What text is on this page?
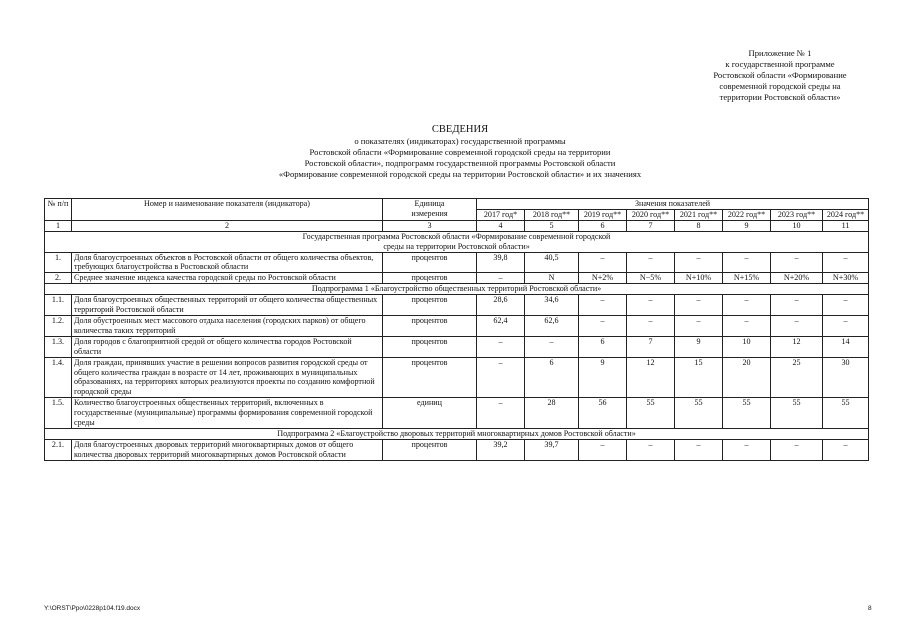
Приложение № 1
к государственной программе
Ростовской области «Формирование
современной городской среды на
территории Ростовской области»
СВЕДЕНИЯ
о показателях (индикаторах) государственной программы
Ростовской области «Формирование современной городской среды на территории
Ростовской области», подпрограмм государственной программы Ростовской области
«Формирование современной городской среды на территории Ростовской области» и их значениях
№ п/п	Номер и наименование показателя (индикатора)	Единица измерения	Значения показателей							
			2017 год*	2018 год**	2019 год**	2020 год**	2021 год**	2022 год**	2023 год**	2024 год**
1	2	3	4	5	6	7	8	9	10	11

Государственная программа Ростовской области «Формирование современной городской среды на территории Ростовской области»										

1.	Доля благоустроенных объектов в Ростовской области от общего количества объектов, требующих благоустройства в Ростовской области	процентов	39,8	40,5	–	–	–	–	–	–
2.	Среднее значение индекса качества городской среды по Ростовской области	процентов	–	N	N+2%	N−5%	N+10%	N+15%	N+20%	N+30%

Подпрограмма 1 «Благоустройство общественных территорий Ростовской области»										

1.1.	Доля благоустроенных общественных территорий от общего количества общественных территорий Ростовской области	процентов	28,6	34,6	–	–	–	–	–	–
1.2.	Доля обустроенных мест массового отдыха населения (городских парков) от общего количества таких территорий	процентов	62,4	62,6	–	–	–	–	–	–
1.3.	Доля городов с благоприятной средой от общего количества городов Ростовской области	процентов	–	–	6	7	9	10	12	14
1.4.	Доля граждан, принявших участие в решении вопросов развития городской среды от общего количества граждан в возрасте от 14 лет, проживающих в муниципальных образованиях, на территориях которых реализуются проекты по созданию комфортной городской среды	процентов	–	6	9	12	15	20	25	30
1.5.	Количество благоустроенных общественных территорий, включенных в государственные (муниципальные) программы формирования современной городской среды	единиц	–	28	56	55	55	55	55	55

Подпрограмма 2 «Благоустройство дворовых территорий многоквартирных домов Ростовской области»										

2.1.	Доля благоустроенных дворовых территорий многоквартирных домов от общего количества дворовых территорий многоквартирных домов Ростовской области	процентов	39,2	39,7	–	–	–	–	–	–
Y:\ORST\Ppo\0228p104.f19.docx	8
